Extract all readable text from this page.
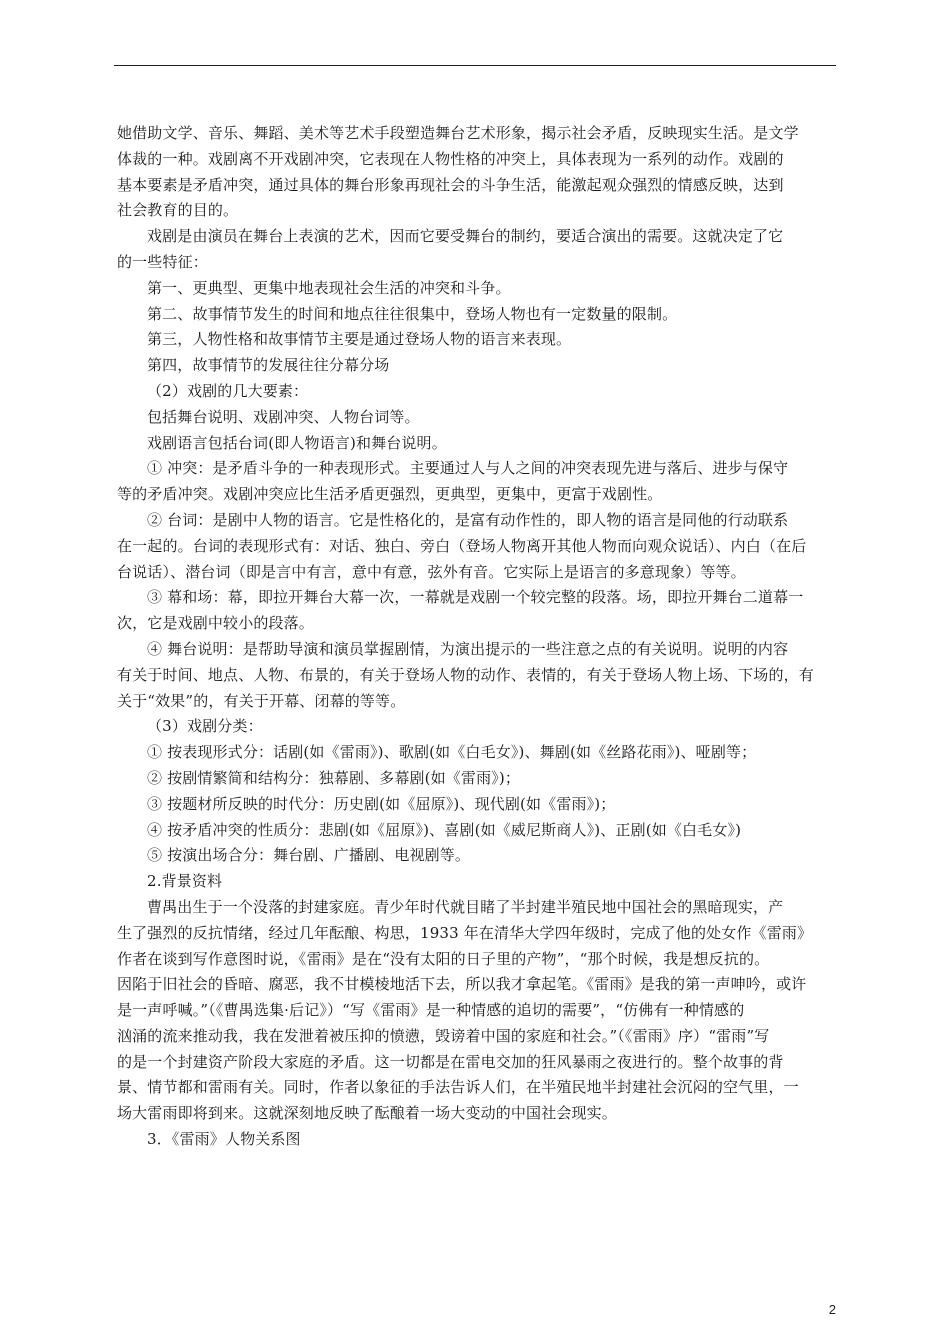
她借助文学、音乐、舞蹈、美术等艺术手段塑造舞台艺术形象，揭示社会矛盾，反映现实生活。是文学
体裁的一种。戏剧离不开戏剧冲突，它表现在人物性格的冲突上，具体表现为一系列的动作。戏剧的
基本要素是矛盾冲突，通过具体的舞台形象再现社会的斗争生活，能激起观众强烈的情感反映，达到
社会教育的目的。
戏剧是由演员在舞台上表演的艺术，因而它要受舞台的制约，要适合演出的需要。这就决定了它
的一些特征：
第一、更典型、更集中地表现社会生活的冲突和斗争。
第二、故事情节发生的时间和地点往往很集中，登场人物也有一定数量的限制。
第三，人物性格和故事情节主要是通过登场人物的语言来表现。
第四，故事情节的发展往往分幕分场
（2）戏剧的几大要素：
包括舞台说明、戏剧冲突、人物台词等。
戏剧语言包括台词(即人物语言)和舞台说明。
① 冲突：是矛盾斗争的一种表现形式。主要通过人与人之间的冲突表现先进与落后、进步与保守
等的矛盾冲突。戏剧冲突应比生活矛盾更强烈，更典型，更集中，更富于戏剧性。
② 台词：是剧中人物的语言。它是性格化的，是富有动作性的，即人物的语言是同他的行动联系
在一起的。台词的表现形式有：对话、独白、旁白（登场人物离开其他人物而向观众说话）、内白（在后
台说话）、潜台词（即是言中有言，意中有意，弦外有音。它实际上是语言的多意现象）等等。
③ 幕和场：幕，即拉开舞台大幕一次，一幕就是戏剧一个较完整的段落。场，即拉开舞台二道幕一
次，它是戏剧中较小的段落。
④ 舞台说明：是帮助导演和演员掌握剧情，为演出提示的一些注意之点的有关说明。说明的内容
有关于时间、地点、人物、布景的，有关于登场人物的动作、表情的，有关于登场人物上场、下场的，有
关于“效果”的，有关于开幕、闭幕的等等。
（3）戏剧分类：
① 按表现形式分：话剧(如《雷雨》)、歌剧(如《白毛女》)、舞剧(如《丝路花雨》)、哑剧等；
② 按剧情繁简和结构分：独幕剧、多幕剧(如《雷雨》)；
③ 按题材所反映的时代分：历史剧(如《屈原》)、现代剧(如《雷雨》)；
④ 按矛盾冲突的性质分：悲剧(如《屈原》)、喜剧(如《威尼斯商人》)、正剧(如《白毛女》)
⑤ 按演出场合分：舞台剧、广播剧、电视剧等。
2.背景资料
曹禺出生于一个没落的封建家庭。青少年时代就目睹了半封建半殖民地中国社会的黑暗现实，产
生了强烈的反抗情绪，经过几年酝酿、构思，1933 年在清华大学四年级时，完成了他的处女作《雷雨》
作者在谈到写作意图时说，《雷雨》是在“没有太阳的日子里的产物”，“那个时候，我是想反抗的。
因陷于旧社会的昏暗、腐恶，我不甘模棱地活下去，所以我才拿起笔。《雷雨》是我的第一声呻吟，或许
是一声呼喊。”（《曹禺选集·后记》）“写《雷雨》是一种情感的追切的需要”，“仿佛有一种情感的
汹涌的流来推动我，我在发泄着被压抑的愤懑，毁谤着中国的家庭和社会。”（《雷雨》序）“雷雨”写
的是一个封建资产阶段大家庭的矛盾。这一切都是在雷电交加的狂风暴雨之夜进行的。整个故事的背
景、情节都和雷雨有关。同时，作者以象征的手法告诉人们，在半殖民地半封建社会沉闷的空气里，一
场大雷雨即将到来。这就深刻地反映了酝酿着一场大变动的中国社会现实。
3．《雷雨》人物关系图
2
